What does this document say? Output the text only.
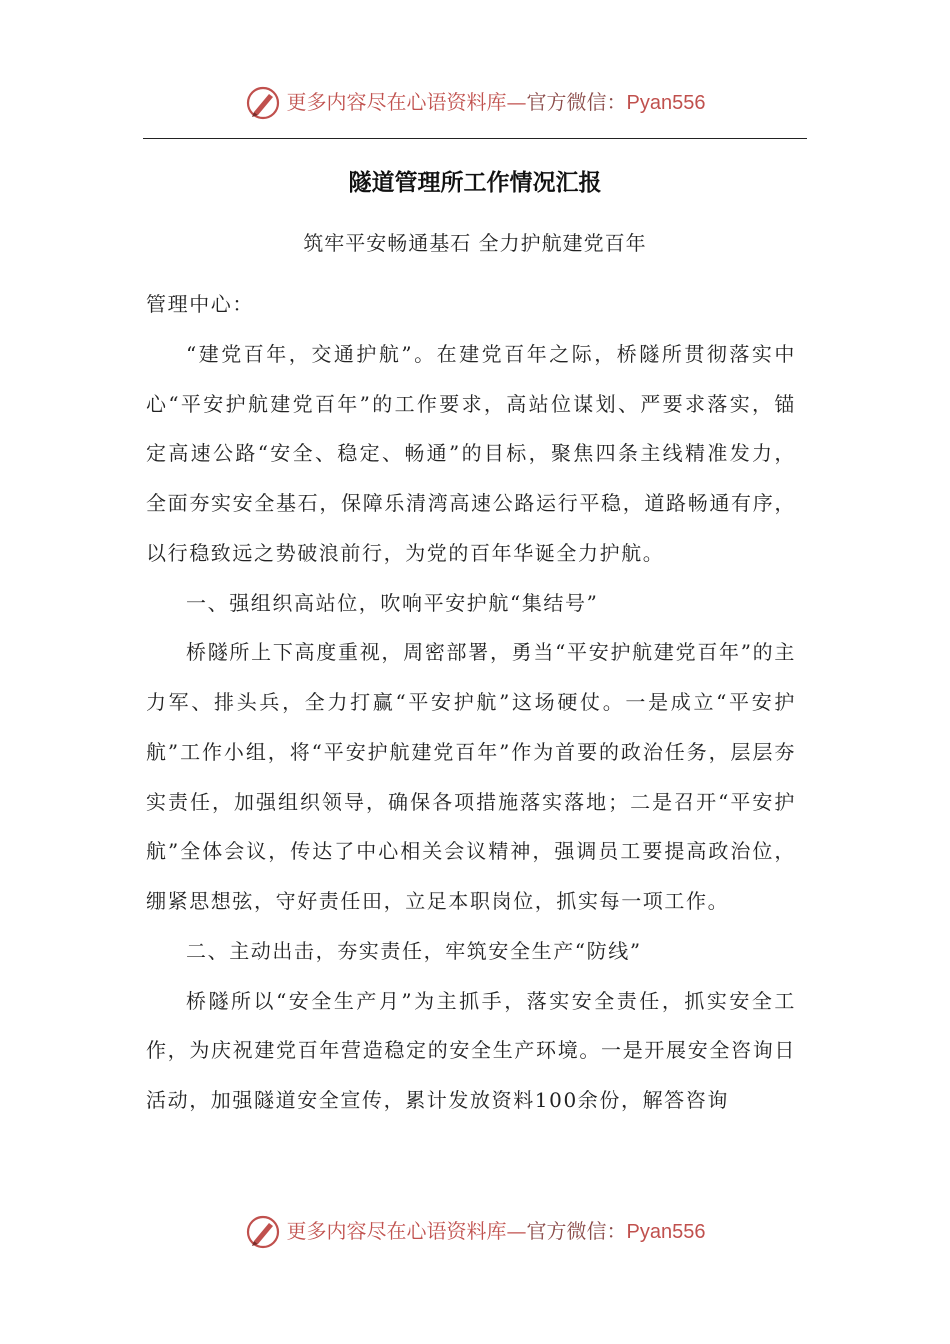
更多内容尽在心语资料库—官方微信：Pyan556
隧道管理所工作情况汇报
筑牢平安畅通基石 全力护航建党百年

管理中心：

“建党百年，交通护航”。在建党百年之际，桥隧所贯彻落实中心“平安护航建党百年”的工作要求，高站位谋划、严要求落实，锚定高速公路“安全、稳定、畅通”的目标，聚焦四条主线精准发力，全面夯实安全基石，保障乐清湾高速公路运行平稳，道路畅通有序，以行稳致远之势破浪前行，为党的百年华诞全力护航。

一、强组织高站位，吹响平安护航“集结号”

桥隧所上下高度重视，周密部署，勇当“平安护航建党百年”的主力军、排头兵，全力打赢“平安护航”这场硬仗。一是成立“平安护航”工作小组，将“平安护航建党百年”作为首要的政治任务，层层夯实责任，加强组织领导，确保各项措施落实落地；二是召开“平安护航”全体会议，传达了中心相关会议精神，强调员工要提高政治位，绷紧思想弦，守好责任田，立足本职岗位，抓实每一项工作。

二、主动出击，夯实责任，牢筑安全生产“防线”

桥隧所以“安全生产月”为主抓手，落实安全责任，抓实安全工作，为庆祝建党百年营造稳定的安全生产环境。一是开展安全咨询日活动，加强隧道安全宣传，累计发放资料100余份，解答咨询

更多内容尽在心语资料库—官方微信：Pyan556
